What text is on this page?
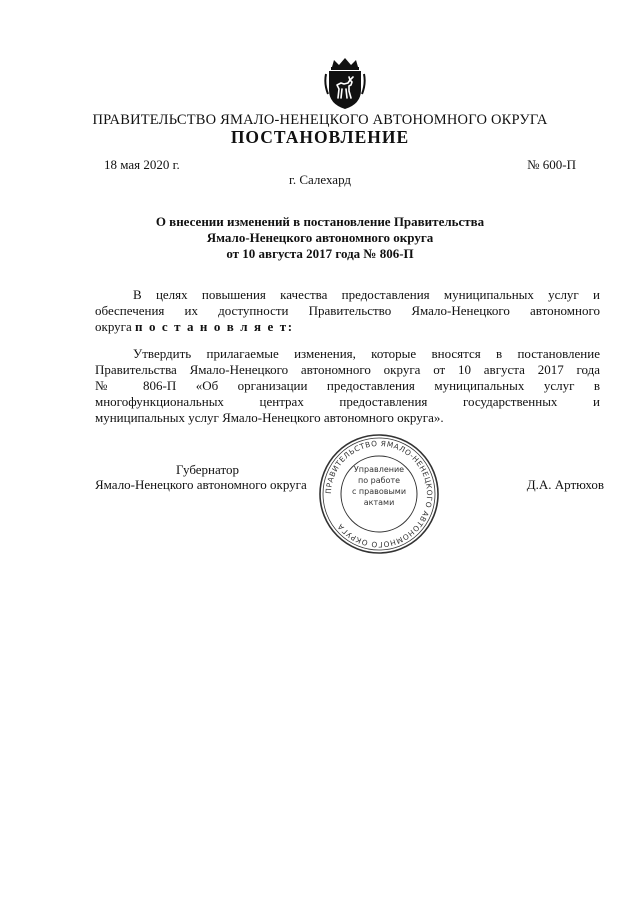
ПРАВИТЕЛЬСТВО ЯМАЛО-НЕНЕЦКОГО АВТОНОМНОГО ОКРУГА
ПОСТАНОВЛЕНИЕ
18 мая 2020 г.	№ 600-П
г. Салехард
О внесении изменений в постановление Правительства
Ямало-Ненецкого автономного округа
от 10 августа 2017 года № 806-П
В целях повышения качества предоставления муниципальных услуг и
обеспечения их доступности Правительство Ямало-Ненецкого автономного
округа п о с т а н о в л я е т:
Утвердить прилагаемые изменения, которые вносятся в постановление
Правительства Ямало-Ненецкого автономного округа от 10 августа 2017 года
№ 806-П «Об организации предоставления муниципальных услуг в
многофункциональных центрах предоставления государственных и
муниципальных услуг Ямало-Ненецкого автономного округа».
Губернатор
Ямало-Ненецкого автономного округа	Д.А. Артюхов
ПРАВИТЕЛЬСТВО ЯМАЛО-НЕНЕЦКОГО АВТОНОМНОГО ОКРУГА
Управление
по работе
с правовыми
актами
